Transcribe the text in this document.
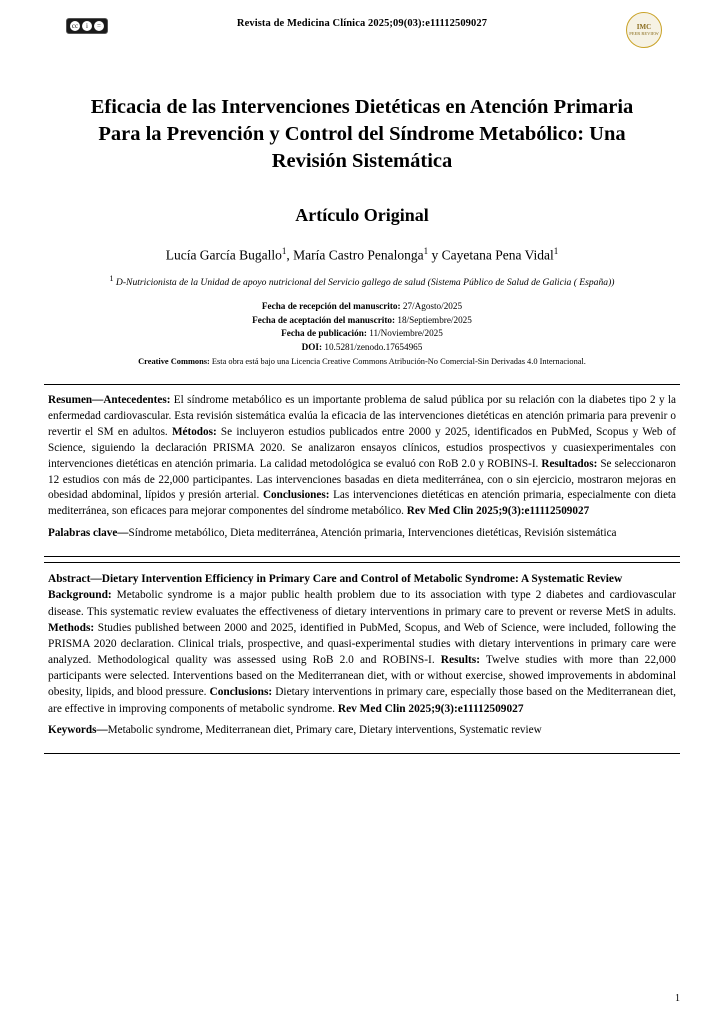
cc	i	=	Revista de Medicina Clínica 2025;09(03):e11112509027	IMC
PEER REVIEW
Eficacia de las Intervenciones Dietéticas en Atención Primaria Para la Prevención y Control del Síndrome Metabólico: Una Revisión Sistemática
Artículo Original
Lucía García Bugallo$^1$, María Castro Penalonga$^1$ y Cayetana Pena Vidal$^1$
$^1$ D-Nutricionista de la Unidad de apoyo nutricional del Servicio gallego de salud (Sistema Público de Salud de Galicia ( España))
Fecha de recepción del manuscrito: 27/Agosto/2025
Fecha de aceptación del manuscrito: 18/Septiembre/2025
Fecha de publicación: 11/Noviembre/2025
DOI: 10.5281/zenodo.17654965
Creative Commons: Esta obra está bajo una Licencia Creative Commons Atribución-No Comercial-Sin Derivadas 4.0 Internacional.
Resumen—Antecedentes: El síndrome metabólico es un importante problema de salud pública por su relación con la diabetes tipo 2 y la enfermedad cardiovascular. Esta revisión sistemática evalúa la eficacia de las intervenciones dietéticas en atención primaria para prevenir o revertir el SM en adultos. Métodos: Se incluyeron estudios publicados entre 2000 y 2025, identificados en PubMed, Scopus y Web of Science, siguiendo la declaración PRISMA 2020. Se analizaron ensayos clínicos, estudios prospectivos y cuasiexperimentales con intervenciones dietéticas en atención primaria. La calidad metodológica se evaluó con RoB 2.0 y ROBINS-I. Resultados: Se seleccionaron 12 estudios con más de 22,000 participantes. Las intervenciones basadas en dieta mediterránea, con o sin ejercicio, mostraron mejoras en obesidad abdominal, lípidos y presión arterial. Conclusiones: Las intervenciones dietéticas en atención primaria, especialmente con dieta mediterránea, son eficaces para mejorar componentes del síndrome metabólico. Rev Med Clin 2025;9(3):e11112509027
Palabras clave—Síndrome metabólico, Dieta mediterránea, Atención primaria, Intervenciones dietéticas, Revisión sistemática
Abstract—Dietary Intervention Efficiency in Primary Care and Control of Metabolic Syndrome: A Systematic Review
Background: Metabolic syndrome is a major public health problem due to its association with type 2 diabetes and cardiovascular disease. This systematic review evaluates the effectiveness of dietary interventions in primary care to prevent or reverse MetS in adults. Methods: Studies published between 2000 and 2025, identified in PubMed, Scopus, and Web of Science, were included, following the PRISMA 2020 declaration. Clinical trials, prospective, and quasi-experimental studies with dietary interventions in primary care were analyzed. Methodological quality was assessed using RoB 2.0 and ROBINS-I. Results: Twelve studies with more than 22,000 participants were selected. Interventions based on the Mediterranean diet, with or without exercise, showed improvements in abdominal obesity, lipids, and blood pressure. Conclusions: Dietary interventions in primary care, especially those based on the Mediterranean diet, are effective in improving components of metabolic syndrome. Rev Med Clin 2025;9(3):e11112509027
Keywords—Metabolic syndrome, Mediterranean diet, Primary care, Dietary interventions, Systematic review
1
